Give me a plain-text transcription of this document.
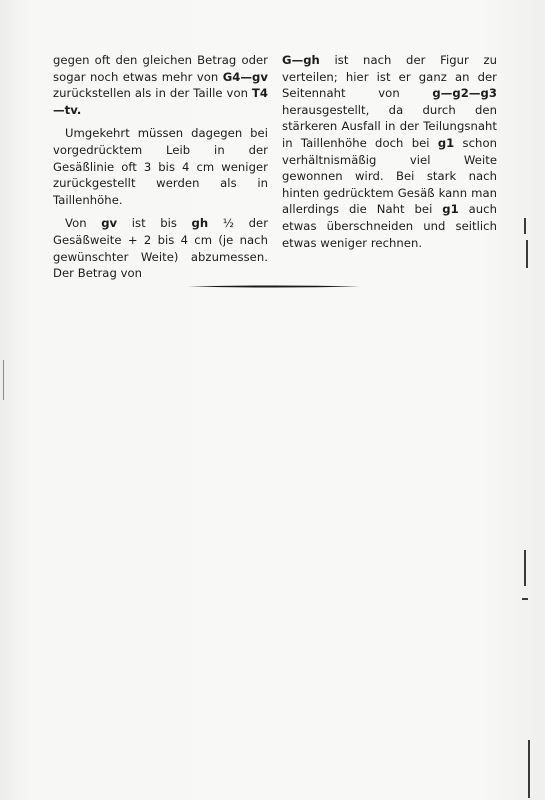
gegen oft den gleichen Betrag oder sogar noch etwas mehr von G4—gv zurückstellen als in der Taille von T4—tv.

Umgekehrt müssen dagegen bei vorgedrücktem Leib in der Gesäßlinie oft 3 bis 4 cm weniger zurückgestellt werden als in Taillenhöhe.

Von gv ist bis gh ½ der Gesäßweite + 2 bis 4 cm (je nach gewünschter Weite) abzumessen. Der Betrag von

G—gh ist nach der Figur zu verteilen; hier ist er ganz an der Seitennaht von g—g2—g3 herausgestellt, da durch den stärkeren Ausfall in der Teilungsnaht in Taillenhöhe doch bei g1 schon verhältnismäßig viel Weite gewonnen wird. Bei stark nach hinten gedrücktem Gesäß kann man allerdings die Naht bei g1 auch etwas überschneiden und seitlich etwas weniger rechnen.
